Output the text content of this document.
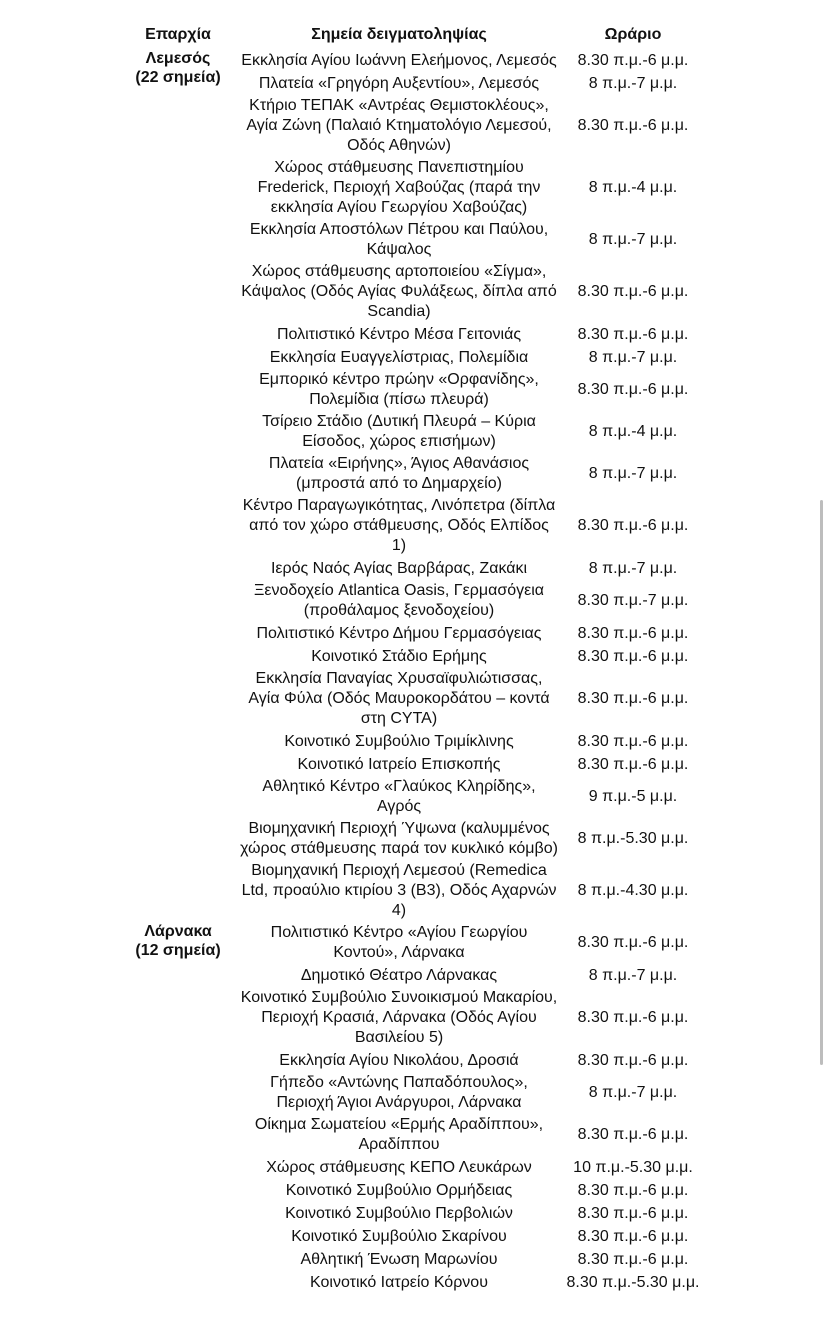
Επαρχία	Σημεία δειγματοληψίας	Ωράριο

Λεμεσός
(22 σημεία)	Εκκλησία Αγίου Ιωάννη Ελεήμονος, Λεμεσός	8.30 π.μ.-6 μ.μ.
	Πλατεία «Γρηγόρη Αυξεντίου», Λεμεσός	8 π.μ.-7 μ.μ.
	Κτήριο ΤΕΠΑΚ «Αντρέας Θεμιστοκλέους», Αγία Ζώνη (Παλαιό Κτηματολόγιο Λεμεσού, Οδός Αθηνών)	8.30 π.μ.-6 μ.μ.
	Χώρος στάθμευσης Πανεπιστημίου Frederick, Περιοχή Χαβούζας (παρά την εκκλησία Αγίου Γεωργίου Χαβούζας)	8 π.μ.-4 μ.μ.
	Εκκλησία Αποστόλων Πέτρου και Παύλου, Κάψαλος	8 π.μ.-7 μ.μ.
	Χώρος στάθμευσης αρτοποιείου «Σίγμα», Κάψαλος (Οδός Αγίας Φυλάξεως, δίπλα από Scandia)	8.30 π.μ.-6 μ.μ.
	Πολιτιστικό Κέντρο Μέσα Γειτονιάς	8.30 π.μ.-6 μ.μ.
	Εκκλησία Ευαγγελίστριας, Πολεμίδια	8 π.μ.-7 μ.μ.
	Εμπορικό κέντρο πρώην «Ορφανίδης», Πολεμίδια (πίσω πλευρά)	8.30 π.μ.-6 μ.μ.
	Τσίρειο Στάδιο (Δυτική Πλευρά – Κύρια Είσοδος, χώρος επισήμων)	8 π.μ.-4 μ.μ.
	Πλατεία «Ειρήνης», Άγιος Αθανάσιος (μπροστά από το Δημαρχείο)	8 π.μ.-7 μ.μ.
	Κέντρο Παραγωγικότητας, Λινόπετρα (δίπλα από τον χώρο στάθμευσης, Οδός Ελπίδος 1)	8.30 π.μ.-6 μ.μ.
	Ιερός Ναός Αγίας Βαρβάρας, Ζακάκι	8 π.μ.-7 μ.μ.
	Ξενοδοχείο Atlantica Oasis, Γερμασόγεια (προθάλαμος ξενοδοχείου)	8.30 π.μ.-7 μ.μ.
	Πολιτιστικό Κέντρο Δήμου Γερμασόγειας	8.30 π.μ.-6 μ.μ.
	Κοινοτικό Στάδιο Ερήμης	8.30 π.μ.-6 μ.μ.
	Εκκλησία Παναγίας Χρυσαϊφυλιώτισσας, Αγία Φύλα (Οδός Μαυροκορδάτου – κοντά στη CYTA)	8.30 π.μ.-6 μ.μ.
	Κοινοτικό Συμβούλιο Τριμίκλινης	8.30 π.μ.-6 μ.μ.
	Κοινοτικό Ιατρείο Επισκοπής	8.30 π.μ.-6 μ.μ.
	Αθλητικό Κέντρο «Γλαύκος Κληρίδης», Αγρός	9 π.μ.-5 μ.μ.
	Βιομηχανική Περιοχή Ύψωνα (καλυμμένος χώρος στάθμευσης παρά τον κυκλικό κόμβο)	8 π.μ.-5.30 μ.μ.
	Βιομηχανική Περιοχή Λεμεσού (Remedica Ltd, προαύλιο κτιρίου 3 (B3), Οδός Αχαρνών 4)	8 π.μ.-4.30 μ.μ.

Λάρνακα
(12 σημεία)	Πολιτιστικό Κέντρο «Αγίου Γεωργίου Κοντού», Λάρνακα	8.30 π.μ.-6 μ.μ.
	Δημοτικό Θέατρο Λάρνακας	8 π.μ.-7 μ.μ.
	Κοινοτικό Συμβούλιο Συνοικισμού Μακαρίου, Περιοχή Κρασιά, Λάρνακα (Οδός Αγίου Βασιλείου 5)	8.30 π.μ.-6 μ.μ.
	Εκκλησία Αγίου Νικολάου, Δροσιά	8.30 π.μ.-6 μ.μ.
	Γήπεδο «Αντώνης Παπαδόπουλος», Περιοχή Άγιοι Ανάργυροι, Λάρνακα	8 π.μ.-7 μ.μ.
	Οίκημα Σωματείου «Ερμής Αραδίππου», Αραδίππου	8.30 π.μ.-6 μ.μ.
	Χώρος στάθμευσης ΚΕΠΟ Λευκάρων	10 π.μ.-5.30 μ.μ.
	Κοινοτικό Συμβούλιο Ορμήδειας	8.30 π.μ.-6 μ.μ.
	Κοινοτικό Συμβούλιο Περβολιών	8.30 π.μ.-6 μ.μ.
	Κοινοτικό Συμβούλιο Σκαρίνου	8.30 π.μ.-6 μ.μ.
	Αθλητική Ένωση Μαρωνίου	8.30 π.μ.-6 μ.μ.
	Κοινοτικό Ιατρείο Κόρνου	8.30 π.μ.-5.30 μ.μ.
